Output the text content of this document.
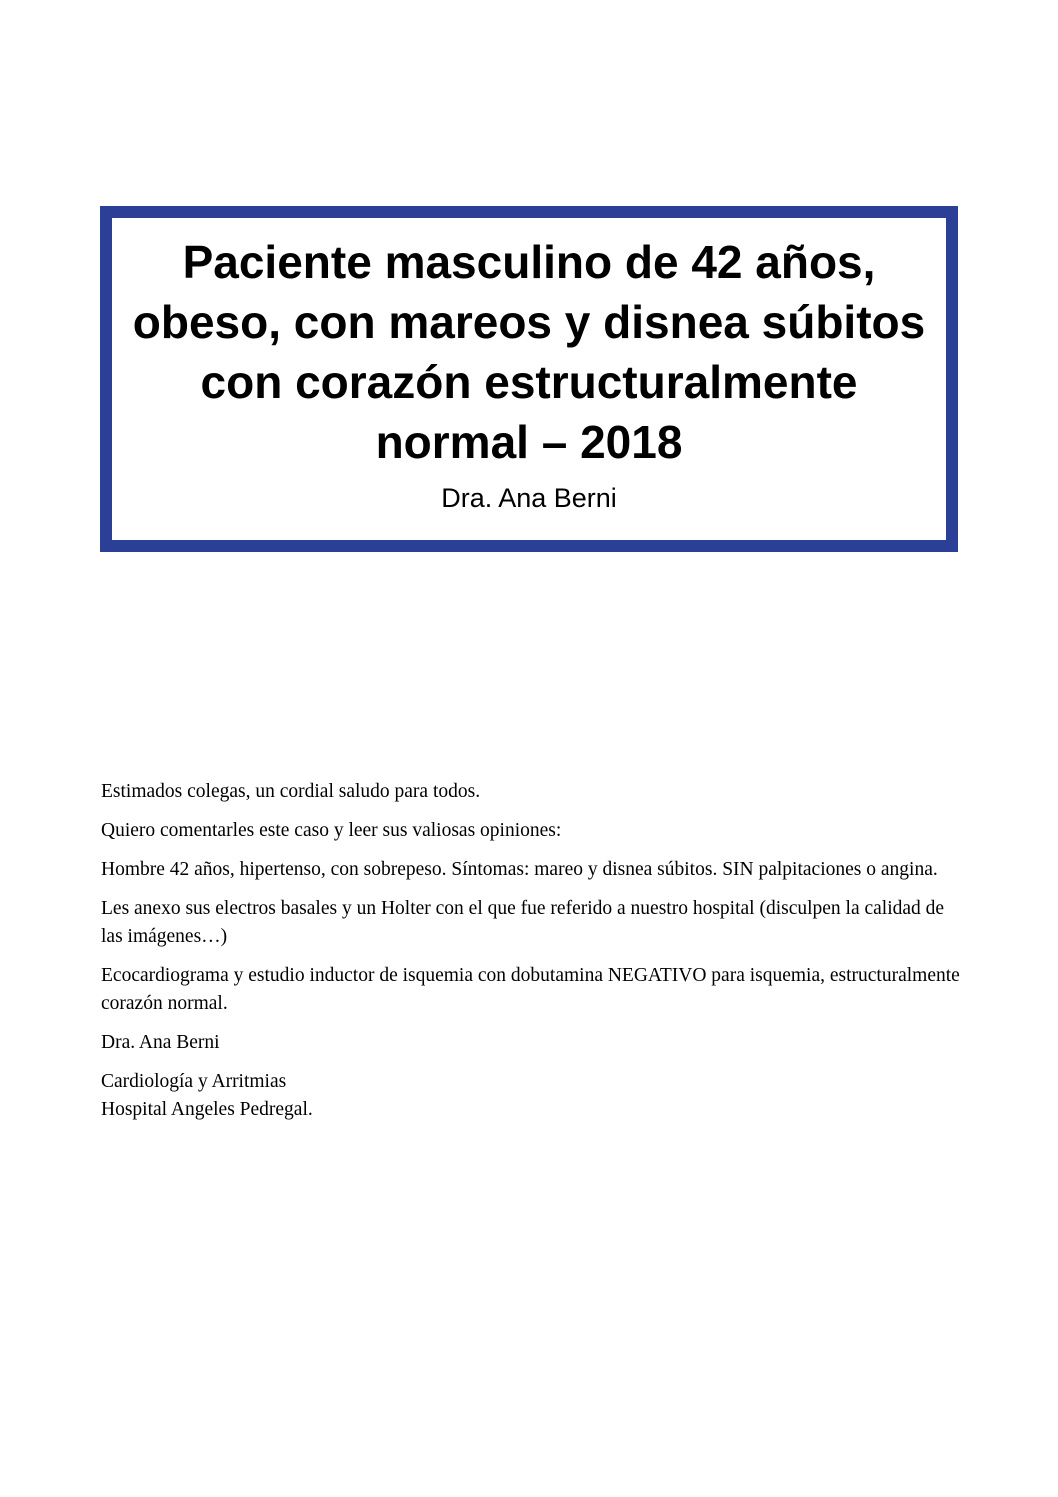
Paciente masculino de 42 años, obeso, con mareos y disnea súbitos con corazón estructuralmente normal – 2018
Dra. Ana Berni

Estimados colegas, un cordial saludo para todos.

Quiero comentarles este caso y leer sus valiosas opiniones:

Hombre 42 años, hipertenso, con sobrepeso. Síntomas: mareo y disnea súbitos. SIN palpitaciones o angina.

Les anexo sus electros basales y un Holter con el que fue referido a nuestro hospital (disculpen la calidad de las imágenes…)

Ecocardiograma y estudio inductor de isquemia con dobutamina NEGATIVO para isquemia, estructuralmente corazón normal.

Dra. Ana Berni

Cardiología y Arritmias

Hospital Angeles Pedregal.
